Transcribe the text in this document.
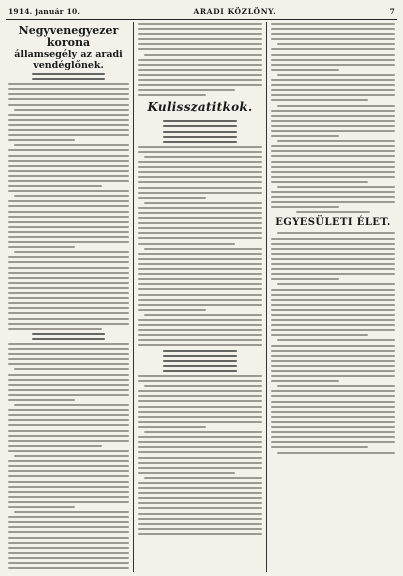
1914. január 10.	ARADI KÖZLÖNY.	7
Negyvenegyezer korona
államsegély az aradi vendéglőnek.
Kulisszatitkok.
EGYESÜLETI ÉLET.
